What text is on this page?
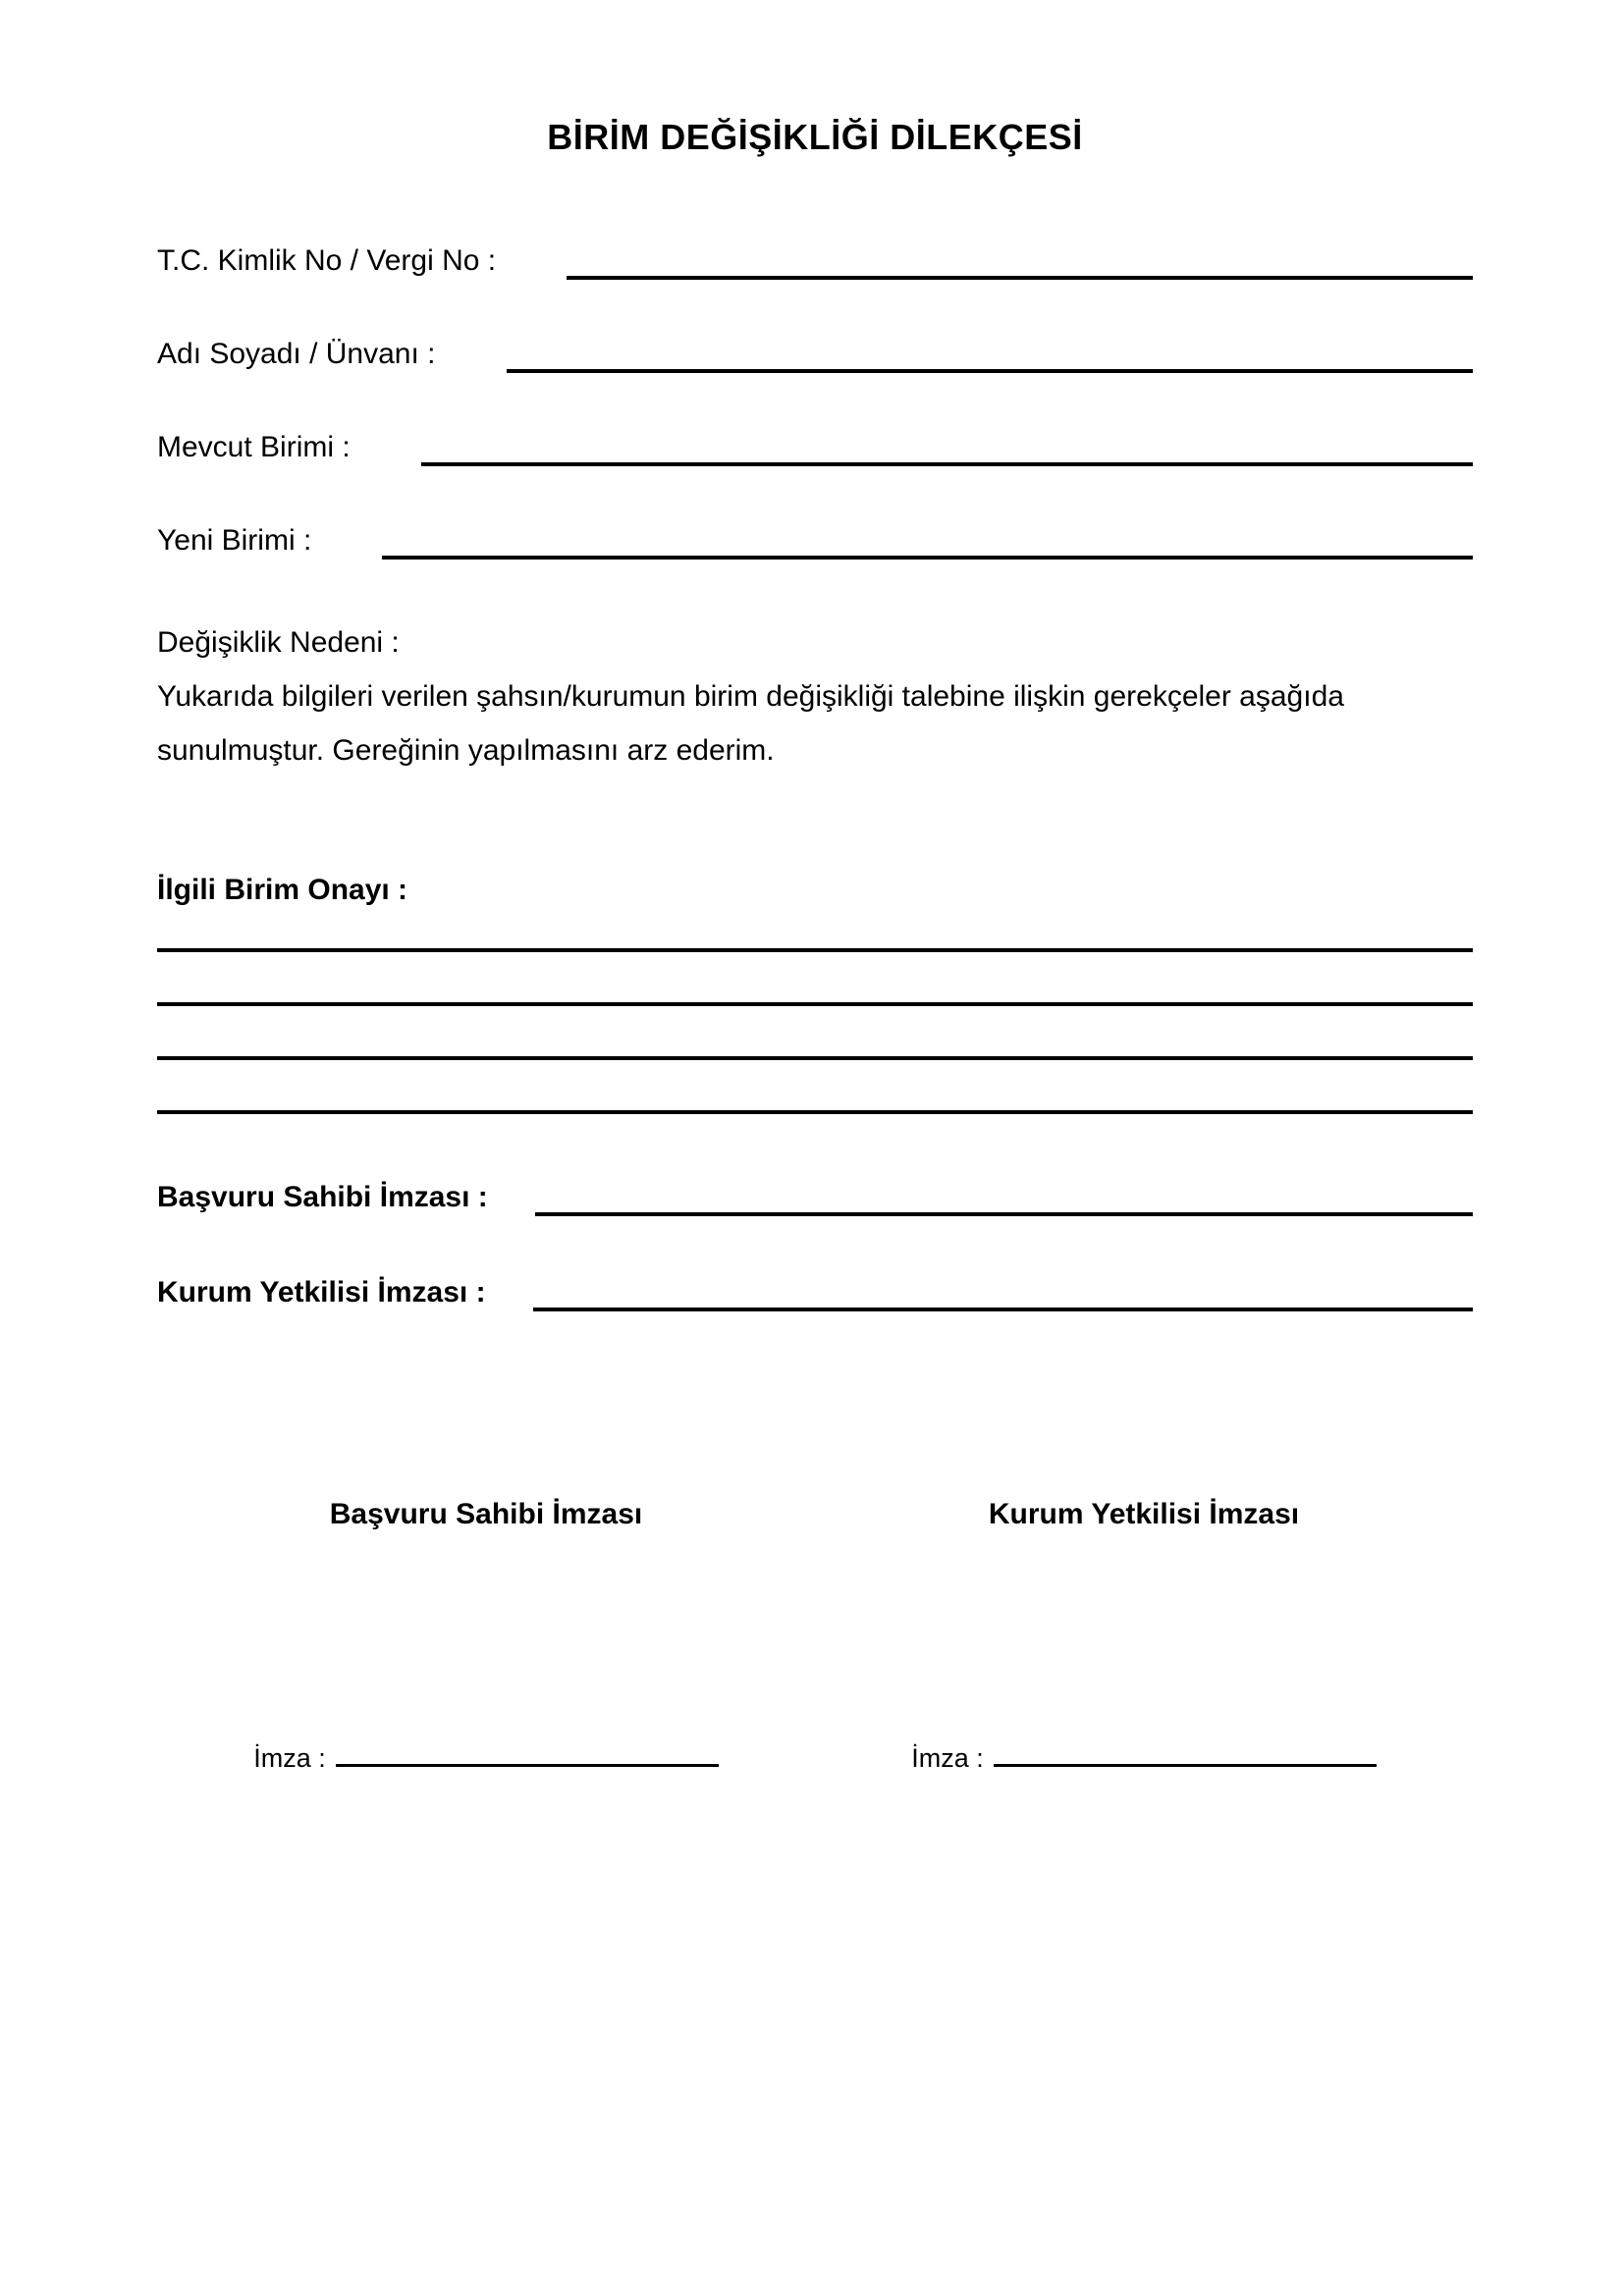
BİRİM DEĞİŞİKLİĞİ DİLEKÇESİ
T.C. Kimlik No / Vergi No :
Adı Soyadı / Ünvanı :
Mevcut Birimi :
Yeni Birimi :
Değişiklik Nedeni :
Yukarıda bilgileri verilen şahsın/kurumun birim değişikliği talebine ilişkin gerekçeler aşağıda
sunulmuştur. Gereğinin yapılmasını arz ederim.
İlgili Birim Onayı :
Başvuru Sahibi İmzası :
Kurum Yetkilisi İmzası :
Başvuru Sahibi İmzası	Kurum Yetkilisi İmzası
İmza :	İmza :
